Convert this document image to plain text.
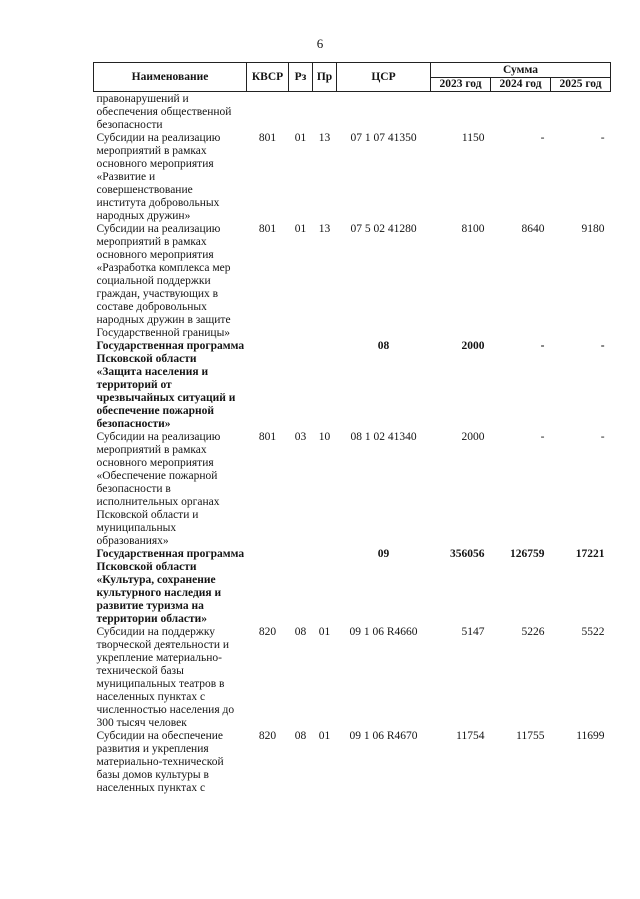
6
Наименование	КВСР	Рз	Пр	ЦСР	Сумма		
					2023 год	2024 год	2025 год
правонарушений и обеспечения общественной безопасности							
Субсидии на реализацию мероприятий в рамках основного мероприятия «Развитие и совершенствование института добровольных народных дружин»	801	01	13	07 1 07 41350	1150	-	-
Субсидии на реализацию мероприятий в рамках основного мероприятия «Разработка комплекса мер социальной поддержки граждан, участвующих в составе добровольных народных дружин в защите Государственной границы»	801	01	13	07 5 02 41280	8100	8640	9180
Государственная программа Псковской области «Защита населения и территорий от чрезвычайных ситуаций и обеспечение пожарной безопасности»				08	2000	-	-
Субсидии на реализацию мероприятий в рамках основного мероприятия «Обеспечение пожарной безопасности в исполнительных органах Псковской области и муниципальных образованиях»	801	03	10	08 1 02 41340	2000	-	-
Государственная программа Псковской области «Культура, сохранение культурного наследия и развитие туризма на территории области»				09	356056	126759	17221
Субсидии на поддержку творческой деятельности и укрепление материально-технической базы муниципальных театров в населенных пунктах с численностью населения до 300 тысяч человек	820	08	01	09 1 06 R4660	5147	5226	5522
Субсидии на обеспечение развития и укрепления материально-технической базы домов культуры в населенных пунктах с	820	08	01	09 1 06 R4670	11754	11755	11699
